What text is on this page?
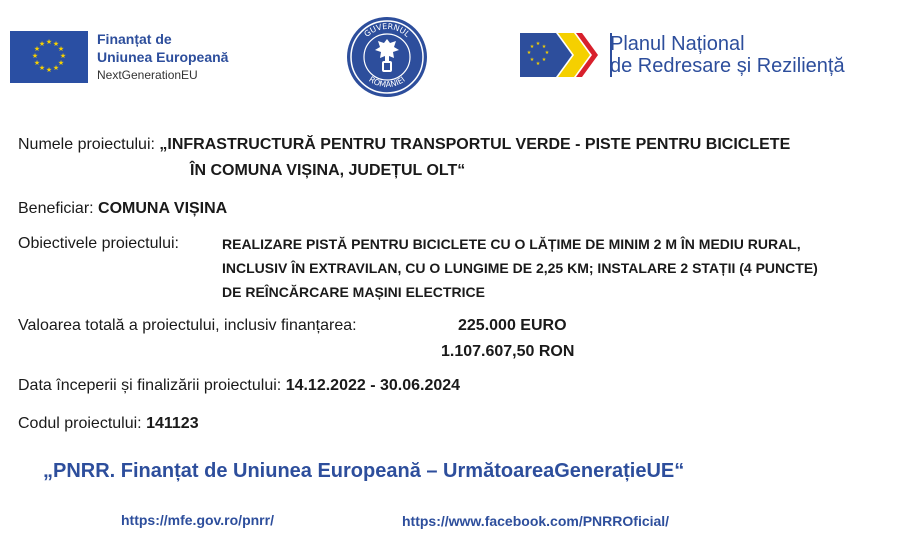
★ ★
★
★
★
★
★
★
★
★
★
★	Finanțat de
Uniunea Europeană
NextGenerationEU
GUVERNUL
ROMÂNIEI
★ ★
★
★
★
★
★
★	Planul Național
de Redresare și Reziliență
Numele proiectului: „INFRASTRUCTURĂ PENTRU TRANSPORTUL VERDE - PISTE PENTRU BICICLETE
ÎN COMUNA VIȘINA, JUDEȚUL OLT“
Beneficiar: COMUNA VIȘINA
Obiectivele proiectului:	REALIZARE PISTĂ PENTRU BICICLETE CU O LĂȚIME DE MINIM 2 M ÎN MEDIU RURAL,
INCLUSIV ÎN EXTRAVILAN, CU O LUNGIME DE 2,25 KM; INSTALARE 2 STAȚII (4 PUNCTE)
DE REÎNCĂRCARE MAȘINI ELECTRICE
Valoarea totală a proiectului, inclusiv finanțarea:	225.000 EURO
1.107.607,50 RON
Data începerii și finalizării proiectului: 14.12.2022 - 30.06.2024
Codul proiectului: 141123
„PNRR. Finanțat de Uniunea Europeană – UrmătoareaGenerațieUE“
https://mfe.gov.ro/pnrr/	https://www.facebook.com/PNRROficial/
